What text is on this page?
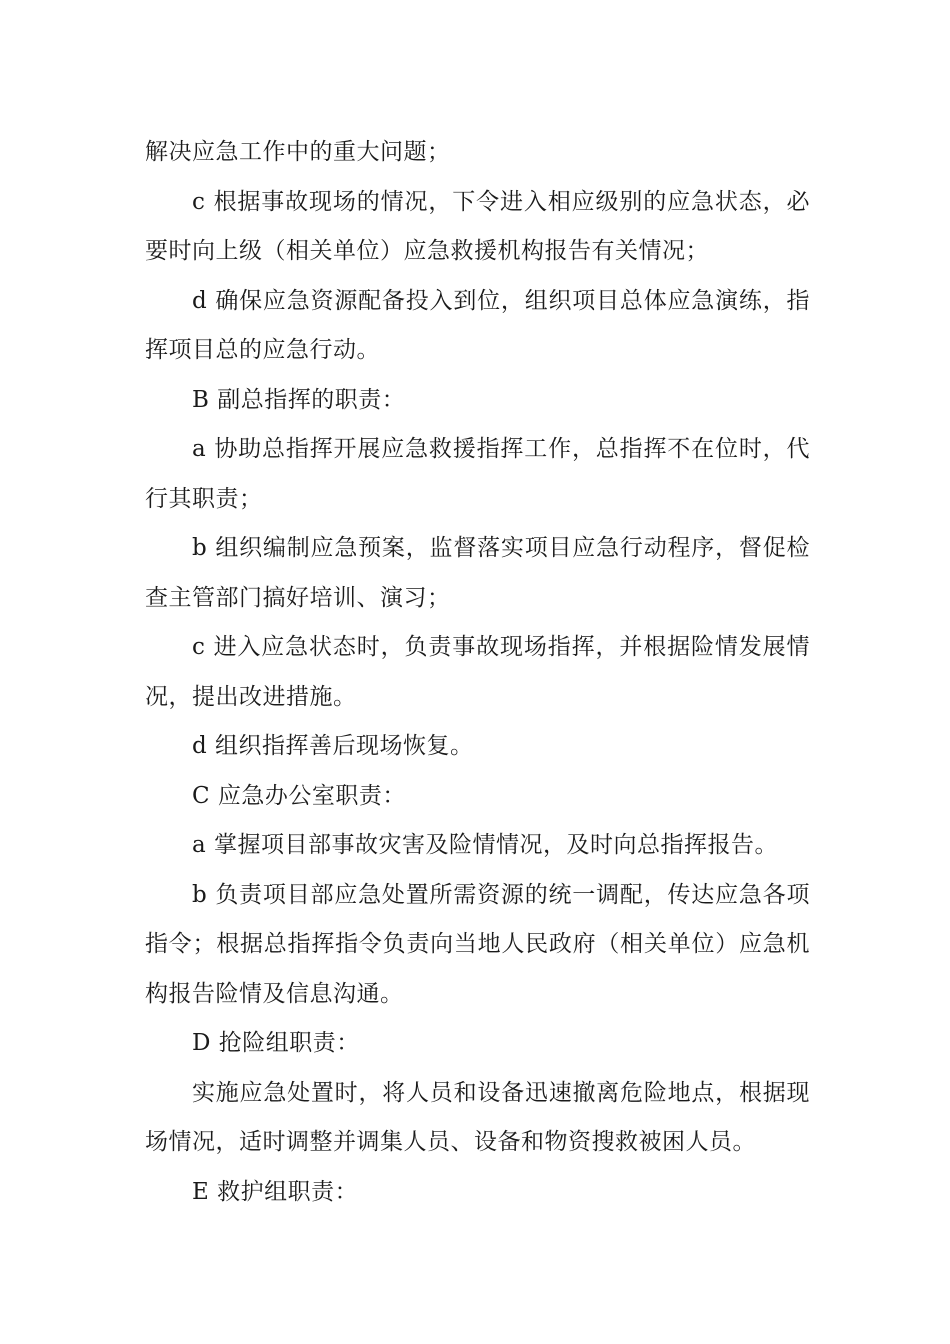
解决应急工作中的重大问题；

c 根据事故现场的情况，下令进入相应级别的应急状态，必要时向上级（相关单位）应急救援机构报告有关情况；

d 确保应急资源配备投入到位，组织项目总体应急演练，指挥项目总的应急行动。

B 副总指挥的职责：

a 协助总指挥开展应急救援指挥工作，总指挥不在位时，代行其职责；

b 组织编制应急预案，监督落实项目应急行动程序，督促检查主管部门搞好培训、演习；

c 进入应急状态时，负责事故现场指挥，并根据险情发展情况，提出改进措施。

d 组织指挥善后现场恢复。

C 应急办公室职责：

a 掌握项目部事故灾害及险情情况，及时向总指挥报告。

b 负责项目部应急处置所需资源的统一调配，传达应急各项指令；根据总指挥指令负责向当地人民政府（相关单位）应急机构报告险情及信息沟通。

D 抢险组职责：

实施应急处置时，将人员和设备迅速撤离危险地点，根据现场情况，适时调整并调集人员、设备和物资搜救被困人员。

E 救护组职责：
